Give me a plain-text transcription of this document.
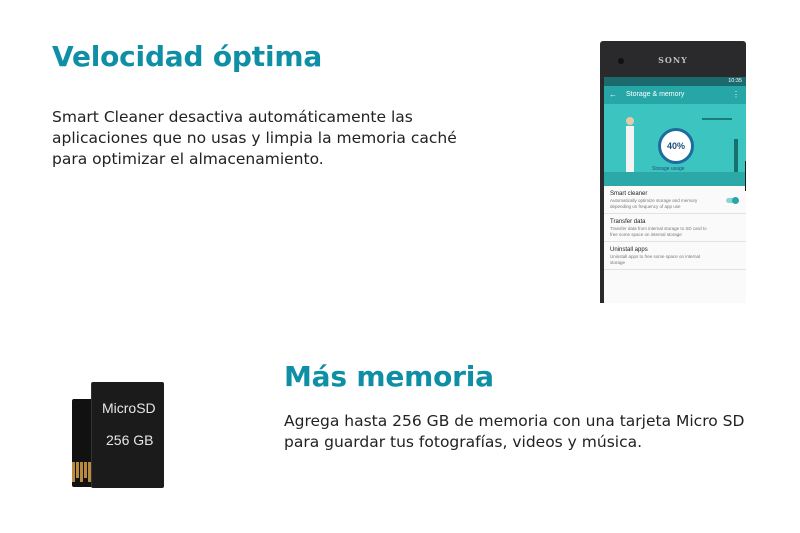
Velocidad óptima

Smart Cleaner desactiva automáticamente las aplicaciones que no usas y limpia la memoria caché para optimizar el almacenamiento.

SONY
10:35
← Storage & memory	⋮
40%
Storage usage
Smart cleaner
Automatically optimize storage and memory depending on frequency of app use
Transfer data
Transfer data from internal storage to SD card to free some space on internal storage
Uninstall apps
Uninstall apps to free some space on internal storage
MicroSD
256 GB
Más memoria

Agrega hasta 256 GB de memoria con una tarjeta Micro SD para guardar tus fotografías, videos y música.
